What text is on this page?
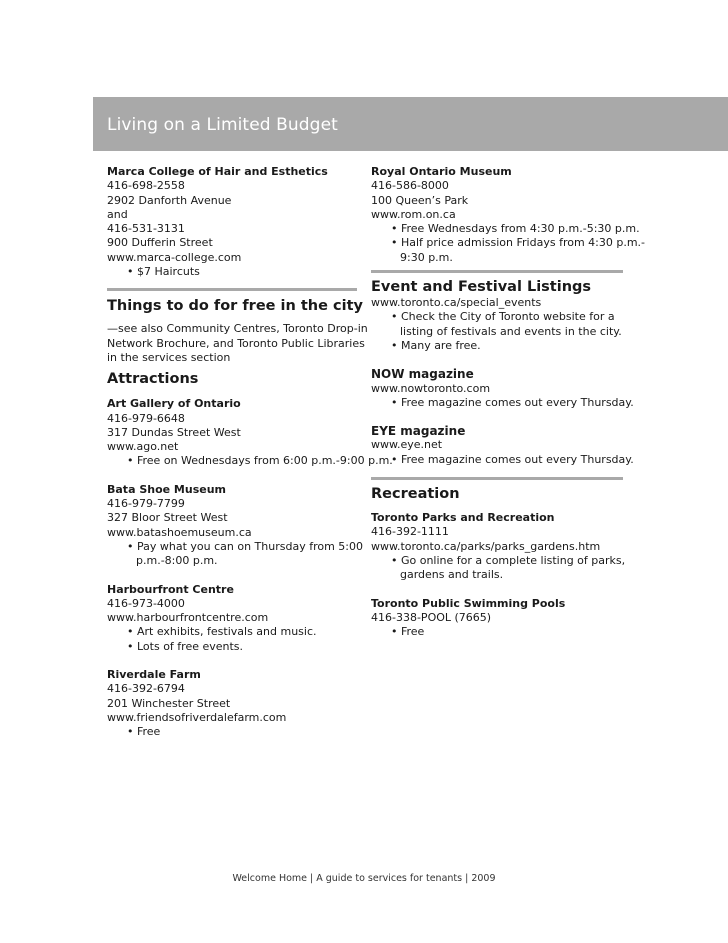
Living on a Limited Budget
Marca College of Hair and Esthetics
416-698-2558
2902 Danforth Avenue
and
416-531-3131
900 Dufferin Street
www.marca-college.com
• $7 Haircuts
Things to do for free in the city
—see also Community Centres, Toronto Drop-in
Network Brochure, and Toronto Public Libraries
in the services section
Attractions
Art Gallery of Ontario
416-979-6648
317 Dundas Street West
www.ago.net
• Free on Wednesdays from 6:00 p.m.-9:00 p.m.
Bata Shoe Museum
416-979-7799
327 Bloor Street West
www.batashoemuseum.ca
• Pay what you can on Thursday from 5:00
p.m.-8:00 p.m.
Harbourfront Centre
416-973-4000
www.harbourfrontcentre.com
• Art exhibits, festivals and music.
• Lots of free events.
Riverdale Farm
416-392-6794
201 Winchester Street
www.friendsofriverdalefarm.com
• Free
Royal Ontario Museum
416-586-8000
100 Queen’s Park
www.rom.on.ca
• Free Wednesdays from 4:30 p.m.-5:30 p.m.
• Half price admission Fridays from 4:30 p.m.-
9:30 p.m.
Event and Festival Listings
www.toronto.ca/special_events
• Check the City of Toronto website for a
listing of festivals and events in the city.
• Many are free.
NOW magazine
www.nowtoronto.com
• Free magazine comes out every Thursday.
EYE magazine
www.eye.net
• Free magazine comes out every Thursday.
Recreation
Toronto Parks and Recreation
416-392-1111
www.toronto.ca/parks/parks_gardens.htm
• Go online for a complete listing of parks,
gardens and trails.
Toronto Public Swimming Pools
416-338-POOL (7665)
• Free
Welcome Home | A guide to services for tenants | 2009
